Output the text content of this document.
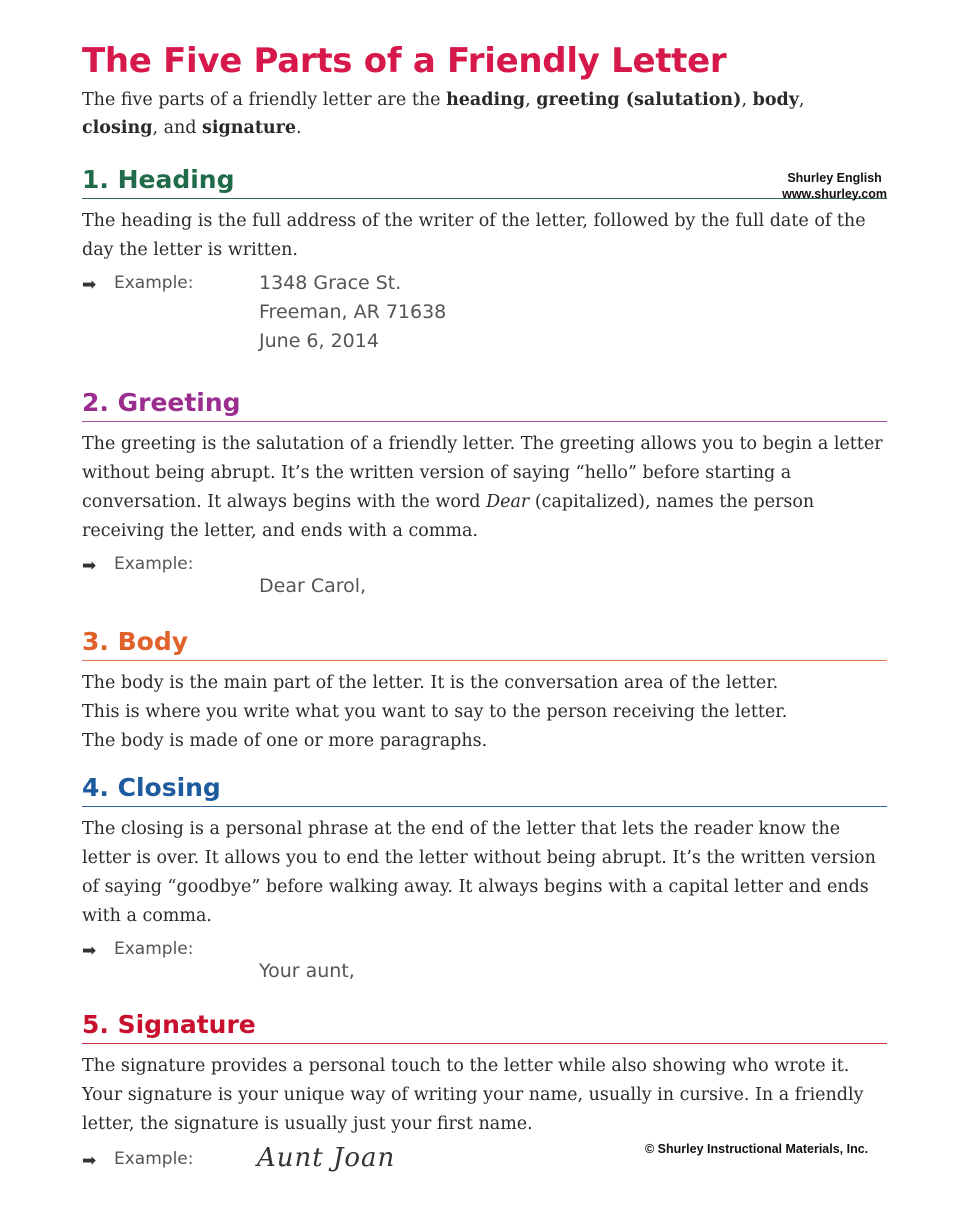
The Five Parts of a Friendly Letter

The five parts of a friendly letter are the heading, greeting (salutation), body,
closing, and signature.

1. Heading	Shurley English
www.shurley.com

The heading is the full address of the writer of the letter, followed by the full date of the day the letter is written.

➡ Example:	1348 Grace St.
Freeman, AR 71638
June 6, 2014
2. Greeting

The greeting is the salutation of a friendly letter. The greeting allows you to begin a letter without being abrupt. It’s the written version of saying “hello” before starting a conversation. It always begins with the word Dear (capitalized), names the person receiving the letter, and ends with a comma.

➡ Example:
Dear Carol,
3. Body

The body is the main part of the letter. It is the conversation area of the letter.
This is where you write what you want to say to the person receiving the letter.
The body is made of one or more paragraphs.

4. Closing

The closing is a personal phrase at the end of the letter that lets the reader know the letter is over. It allows you to end the letter without being abrupt. It’s the written version of saying “goodbye” before walking away. It always begins with a capital letter and ends with a comma.

➡ Example:
Your aunt,
5. Signature

The signature provides a personal touch to the letter while also showing who wrote it. Your signature is your unique way of writing your name, usually in cursive. In a friendly letter, the signature is usually just your first name.

➡ Example: Aunt Joan	© Shurley Instructional Materials, Inc.
